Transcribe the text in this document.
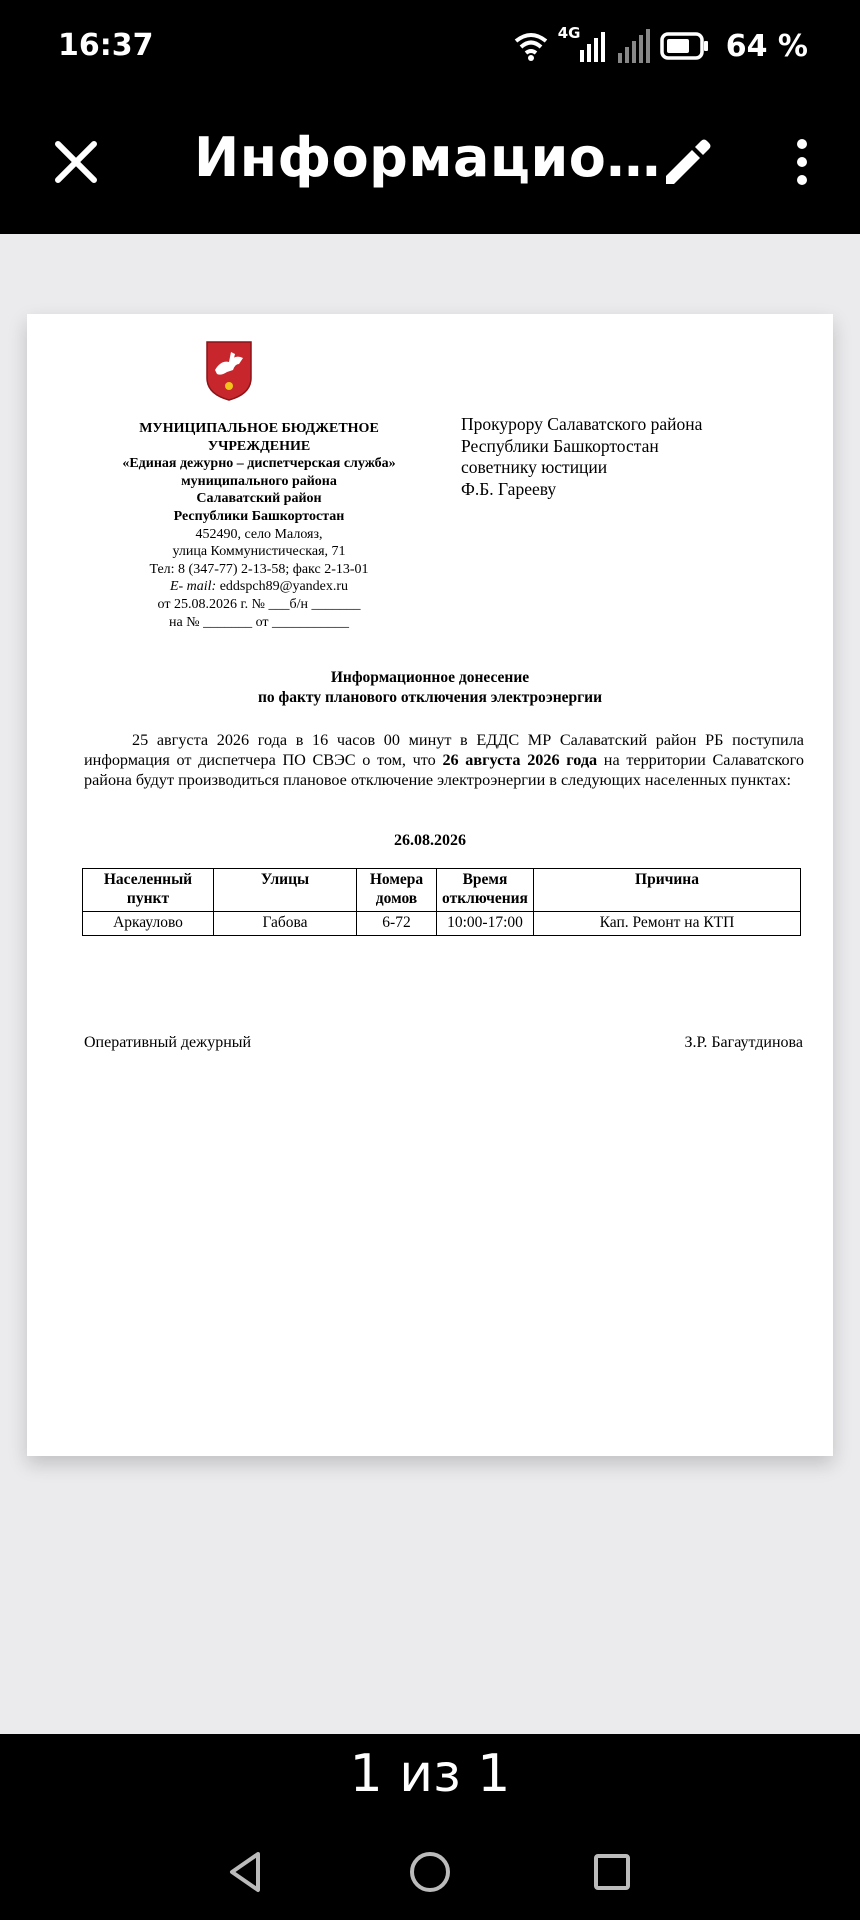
16:37	4G	64 %
Информацио…
МУНИЦИПАЛЬНОЕ БЮДЖЕТНОЕ
УЧРЕЖДЕНИЕ
«Единая дежурно – диспетчерская служба»
муниципального района
Салаватский район
Республики Башкортостан
452490, село Малояз,
улица Коммунистическая, 71
Тел: 8 (347-77) 2-13-58; факс 2-13-01
E- mail: eddspch89@yandex.ru
от 25.08.2026 г. № ___б/н _______
на № _______ от ___________
Прокурору Салаватского района
Республики Башкортостан
советнику юстиции
Ф.Б. Гарееву
Информационное донесение
по факту планового отключения электроэнергии

25 августа 2026 года в 16 часов 00 минут в ЕДДС МР Салаватский район РБ поступила информация от диспетчера ПО СВЭС о том, что 26 августа 2026 года на территории Салаватского района будут производиться плановое отключение электроэнергии в следующих населенных пунктах:

26.08.2026
Населенный пункт	Улицы	Номера домов	Время отключения	Причина
Аркаулово	Габова	6-72	10:00-17:00	Кап. Ремонт на КТП
Оперативный дежурный	З.Р. Багаутдинова
1 из 1
